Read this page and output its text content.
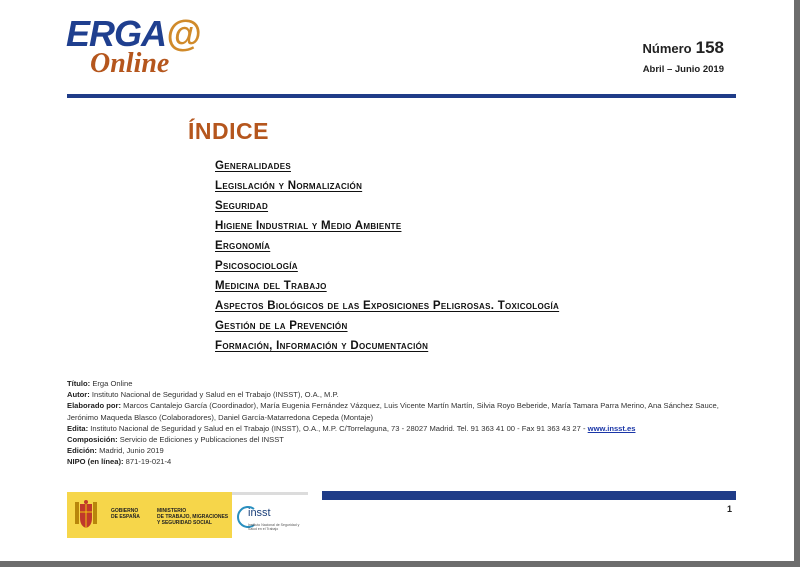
ERGA@
Online	Número 158
Abril – Junio 2019
ÍNDICE
Generalidades
Legislación y Normalización
Seguridad
Higiene Industrial y Medio Ambiente
Ergonomía
Psicosociología
Medicina del Trabajo
Aspectos Biológicos de las Exposiciones Peligrosas. Toxicología
Gestión de la Prevención
Formación, Información y Documentación

Título: Erga Online

Autor: Instituto Nacional de Seguridad y Salud en el Trabajo (INSST), O.A., M.P.

Elaborado por: Marcos Cantalejo García (Coordinador), María Eugenia Fernández Vázquez, Luis Vicente Martín Martín, Silvia Royo Beberide, María Tamara Parra Merino, Ana Sánchez Sauce, Jerónimo Maqueda Blasco (Colaboradores), Daniel García-Matarredona Cepeda (Montaje)

Edita: Instituto Nacional de Seguridad y Salud en el Trabajo (INSST), O.A., M.P. C/Torrelaguna, 73 - 28027 Madrid. Tel. 91 363 41 00 - Fax 91 363 43 27 - www.insst.es

Composición: Servicio de Ediciones y Publicaciones del INSST

Edición: Madrid, Junio 2019

NIPO (en línea): 871-19-021-4

GOBIERNO
DE ESPAÑA
MINISTERIO
DE TRABAJO, MIGRACIONES
Y SEGURIDAD SOCIAL
insst
Instituto Nacional de Seguridad y Salud en el Trabajo
1
